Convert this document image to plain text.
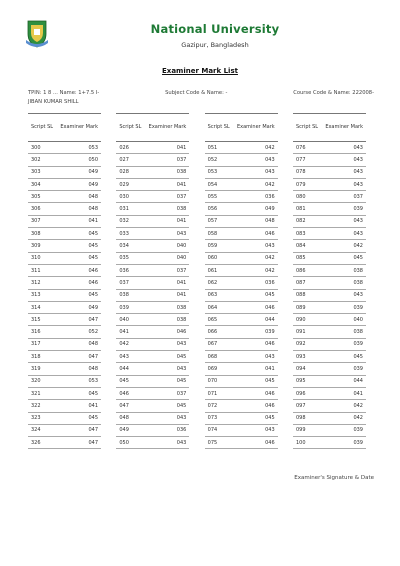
National University
Gazipur, Bangladesh
Examiner Mark List
TPIN: 1 8 ... Name: 1+7.5 I-	Subject Code & Name: -	Course Code & Name: 222008-
JIBAN KUMAR SHILL
Script SL	Examiner Mark
300	053
302	050
303	049
304	049
305	048
306	048
307	041
308	045
309	045
310	045
311	046
312	046
313	045
314	049
315	047
316	052
317	048
318	047
319	048
320	053
321	045
322	041
323	045
324	047
326	047
Script SL	Examiner Mark
026	041
027	037
028	038
029	041
030	037
031	038
032	041
033	043
034	040
035	040
036	037
037	041
038	041
039	038
040	038
041	046
042	043
043	045
044	043
045	045
046	037
047	045
048	043
049	036
050	043
Script SL	Examiner Mark
051	042
052	043
053	043
054	042
055	036
056	049
057	048
058	046
059	043
060	042
061	042
062	036
063	045
064	046
065	044
066	039
067	046
068	043
069	041
070	045
071	046
072	046
073	045
074	043
075	046
Script SL	Examiner Mark
076	043
077	043
078	043
079	043
080	037
081	039
082	043
083	043
084	042
085	045
086	038
087	038
088	043
089	039
090	040
091	038
092	039
093	045
094	039
095	044
096	041
097	042
098	042
099	039
100	039
Examiner's Signature & Date
